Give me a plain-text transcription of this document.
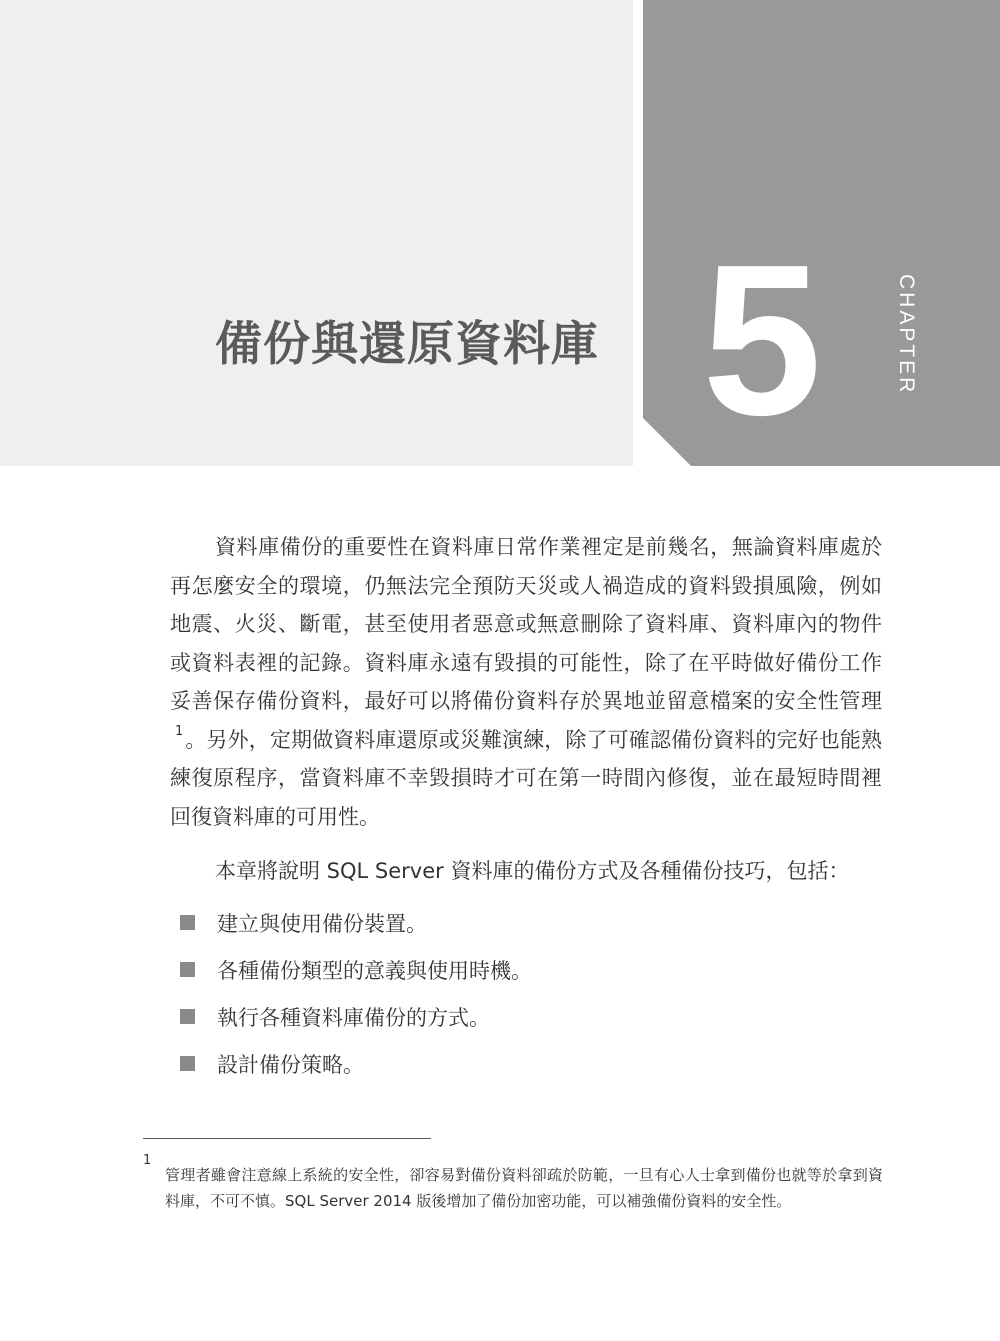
備份與還原資料庫 5	CHAPTER
資料庫備份的重要性在資料庫日常作業裡定是前幾名，無論資料庫處於再怎麼安全的環境，仍無法完全預防天災或人禍造成的資料毀損風險，例如地震、火災、斷電，甚至使用者惡意或無意刪除了資料庫、資料庫內的物件或資料表裡的記錄。資料庫永遠有毀損的可能性，除了在平時做好備份工作妥善保存備份資料，最好可以將備份資料存於異地並留意檔案的安全性管理$^1$。另外，定期做資料庫還原或災難演練，除了可確認備份資料的完好也能熟練復原程序，當資料庫不幸毀損時才可在第一時間內修復，並在最短時間裡回復資料庫的可用性。
本章將說明 SQL Server 資料庫的備份方式及各種備份技巧，包括：
建立與使用備份裝置。
各種備份類型的意義與使用時機。
執行各種資料庫備份的方式。
設計備份策略。
1
管理者雖會注意線上系統的安全性，卻容易對備份資料卻疏於防範，一旦有心人士拿到備份也就等於拿到資料庫，不可不慎。SQL Server 2014 版後增加了備份加密功能，可以補強備份資料的安全性。
